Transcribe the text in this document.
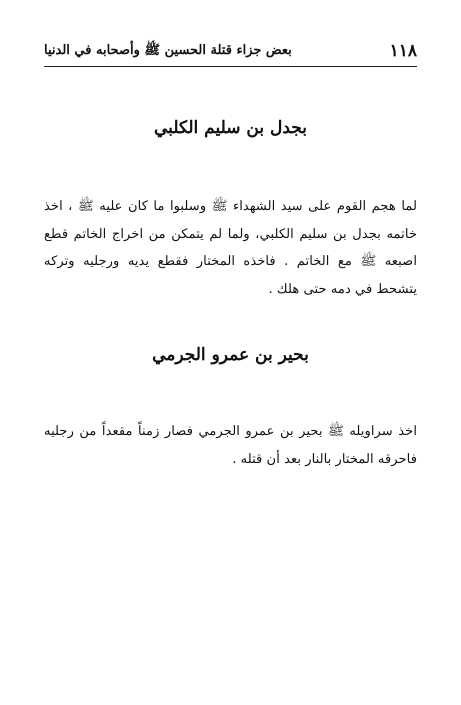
١١٨
بعض جزاء قتلة الحسين ﷺ وأصحابه في الدنيا
بجدل بن سليم الكلبي

لما هجم القوم على سيد الشهداء ﷺ وسلبوا ما كان عليه ﷺ ، اخذ خاتمه بجدل بن سليم الكلبي، ولما لم يتمكن من اخراج الخاتم قطع اصبعه ﷺ مع الخاتم . فاخذه المختار فقطع يديه ورجليه وتركه يتشحط في دمه حتى هلك .

بحير بن عمرو الجرمي

اخذ سراويله ﷺ بحير بن عمرو الجرمي فصار زمناً مقعداً من رجليه فاحرقه المختار بالنار بعد أن قتله .
